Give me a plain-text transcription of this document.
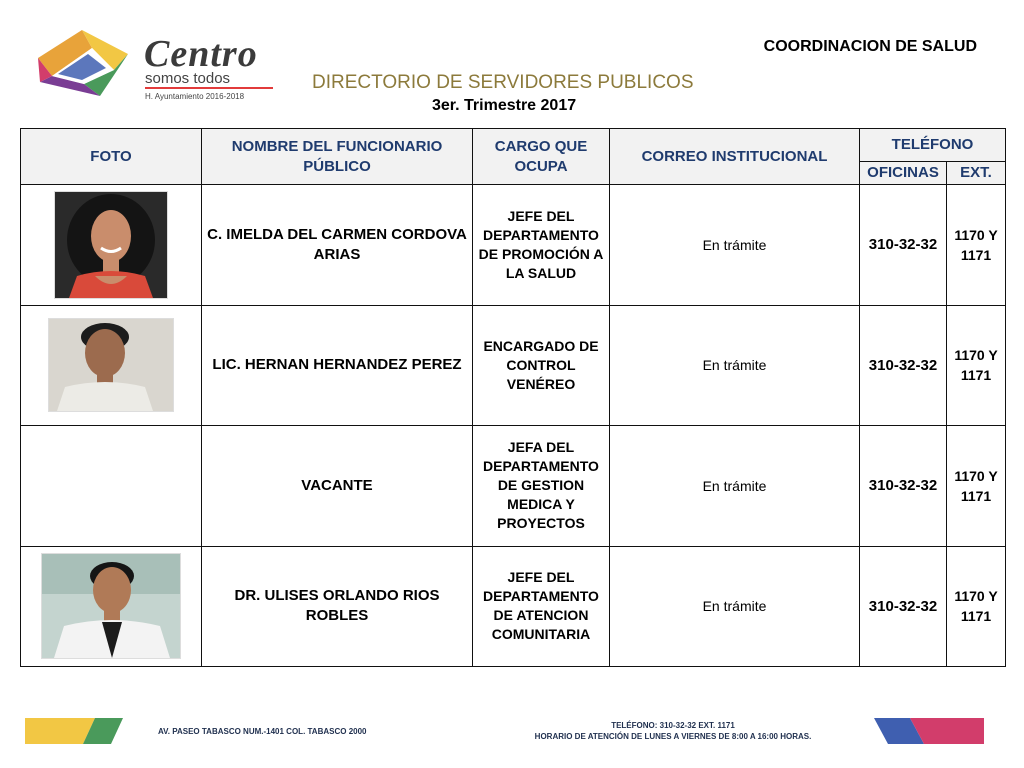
Centro
somos todos
H. Ayuntamiento 2016-2018
COORDINACION DE SALUD
DIRECTORIO DE SERVIDORES PUBLICOS
3er. Trimestre 2017
FOTO	NOMBRE DEL FUNCIONARIO PÚBLICO	CARGO QUE OCUPA	CORREO INSTITUCIONAL	TELÉFONO	
				OFICINAS	EXT.

	C. IMELDA DEL CARMEN CORDOVA ARIAS	JEFE DEL DEPARTAMENTO DE PROMOCIÓN A LA SALUD	En trámite	310-32-32	1170 Y 1171

	LIC. HERNAN HERNANDEZ PEREZ	ENCARGADO DE CONTROL VENÉREO	En trámite	310-32-32	1170 Y 1171
	VACANTE	JEFA DEL DEPARTAMENTO DE GESTION MEDICA Y PROYECTOS	En trámite	310-32-32	1170 Y 1171

	DR. ULISES ORLANDO RIOS ROBLES	JEFE DEL DEPARTAMENTO DE ATENCION COMUNITARIA	En trámite	310-32-32	1170 Y 1171
AV. PASEO TABASCO NUM.-1401 COL. TABASCO 2000
TELÉFONO: 310-32-32 EXT. 1171
HORARIO DE ATENCIÓN DE LUNES A VIERNES DE 8:00 A 16:00 HORAS.
